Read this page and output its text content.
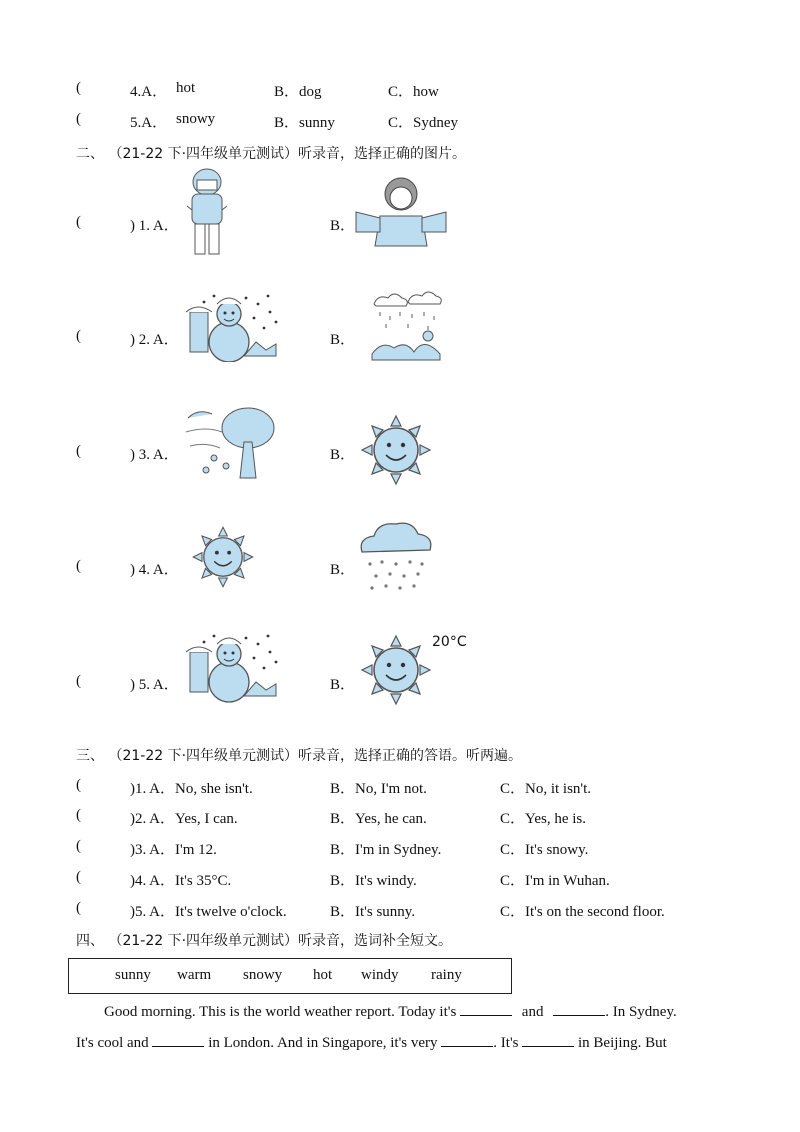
(	4.A． hot	B．dog	C．how
(	5.A． snowy	B．sunny	C．Sydney
二、 （21-22 下·四年级单元测试）听录音，选择正确的图片。
(	) 1. A．	B．
(	) 2. A．	B．
(	) 3. A．	B．
(	) 4. A．	B．
(	) 5. A．	B．
20°C
三、 （21-22 下·四年级单元测试）听录音，选择正确的答语。听两遍。
(	)1. A．No, she isn't.	B．No, I'm not.	C．No, it isn't.
(	)2. A．Yes, I can.	B．Yes, he can.	C．Yes, he is.
(	)3. A．I'm 12.	B．I'm in Sydney.	C．It's snowy.
(	)4. A．It's 35°C.	B．It's windy.	C．I'm in Wuhan.
(	)5. A．It's twelve o'clock.	B．It's sunny.	C．It's on the second floor.
四、 （21-22 下·四年级单元测试）听录音，选词补全短文。
sunny warm snowy hot windy rainy
Good morning. This is the world weather report. Today it's	and	. In Sydney.
It's cool and	in London. And in Singapore, it's very	. It's	in Beijing. But
